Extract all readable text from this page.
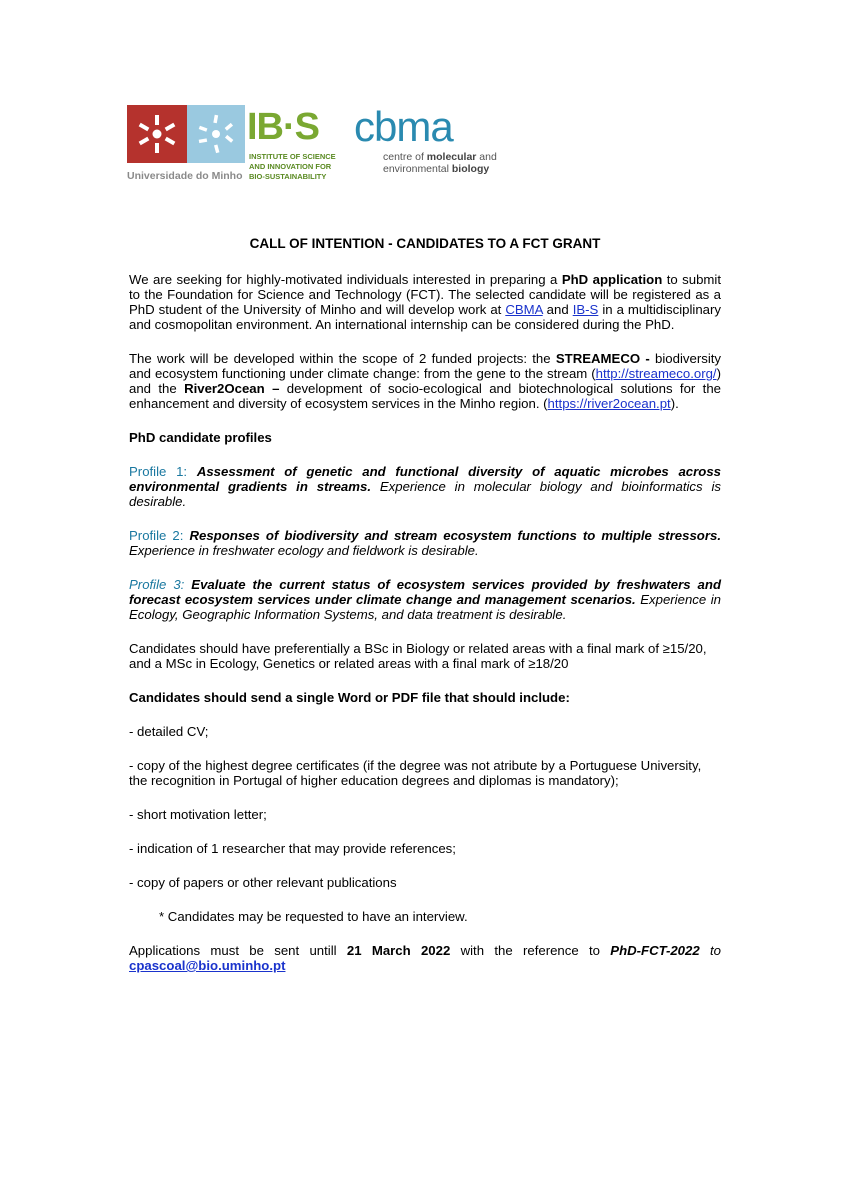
Universidade do Minho
IB·S
INSTITUTE OF SCIENCE
AND INNOVATION FOR
BIO-SUSTAINABILITY
cbma
centre of molecular and
environmental biology
CALL OF INTENTION - CANDIDATES TO A FCT GRANT

We are seeking for highly-motivated individuals interested in preparing a PhD application to submit to the Foundation for Science and Technology (FCT). The selected candidate will be registered as a PhD student of the University of Minho and will develop work at CBMA and IB-S in a multidisciplinary and cosmopolitan environment. An international internship can be considered during the PhD.

The work will be developed within the scope of 2 funded projects: the STREAMECO - biodiversity and ecosystem functioning under climate change: from the gene to the stream (http://streameco.org/) and the River2Ocean – development of socio-ecological and biotechnological solutions for the enhancement and diversity of ecosystem services in the Minho region. (https://river2ocean.pt).

PhD candidate profiles

Profile 1: Assessment of genetic and functional diversity of aquatic microbes across environmental gradients in streams. Experience in molecular biology and bioinformatics is desirable.

Profile 2: Responses of biodiversity and stream ecosystem functions to multiple stressors. Experience in freshwater ecology and fieldwork is desirable.

Profile 3: Evaluate the current status of ecosystem services provided by freshwaters and forecast ecosystem services under climate change and management scenarios. Experience in Ecology, Geographic Information Systems, and data treatment is desirable.

Candidates should have preferentially a BSc in Biology or related areas with a final mark of ≥15/20, and a MSc in Ecology, Genetics or related areas with a final mark of ≥18/20

Candidates should send a single Word or PDF file that should include:

- detailed CV;
- copy of the highest degree certificates (if the degree was not atribute by a Portuguese University, the recognition in Portugal of higher education degrees and diplomas is mandatory);
- short motivation letter;
- indication of 1 researcher that may provide references;
- copy of papers or other relevant publications
* Candidates may be requested to have an interview.

Applications must be sent untill 21 March 2022 with the reference to PhD-FCT-2022 to cpascoal@bio.uminho.pt
